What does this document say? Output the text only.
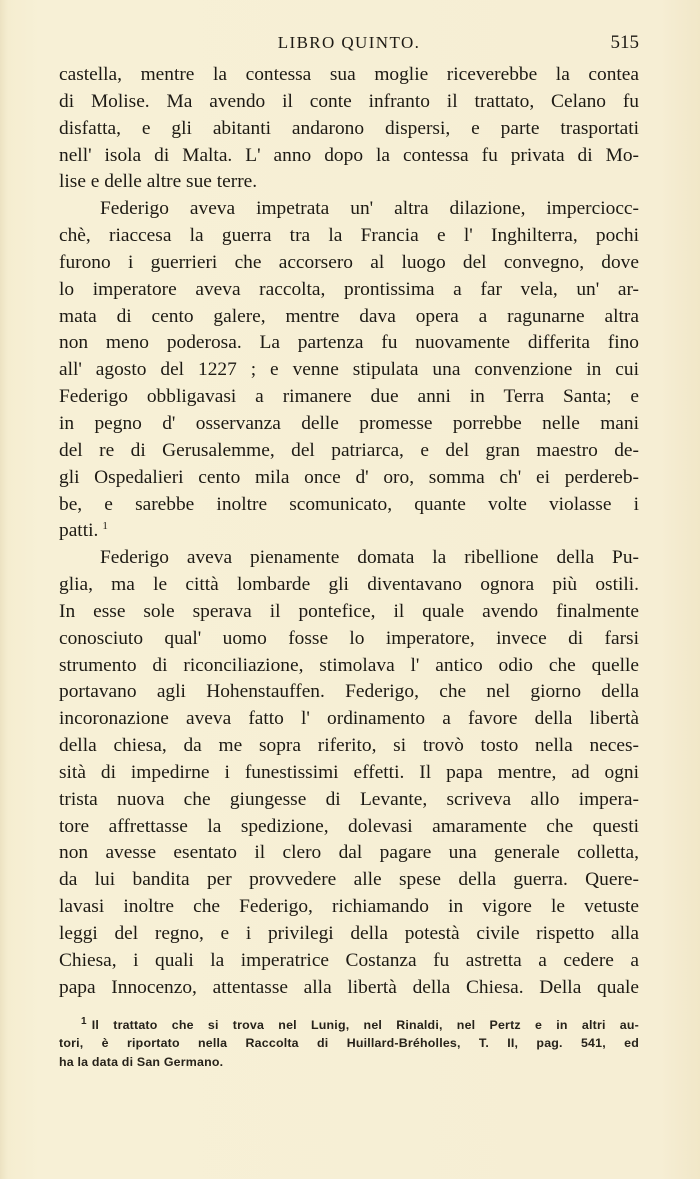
LIBRO QUINTO.	515

castella, mentre la contessa sua moglie riceverebbe la contea

di Molise. Ma avendo il conte infranto il trattato, Celano fu

disfatta, e gli abitanti andarono dispersi, e parte trasportati

nell' isola di Malta. L' anno dopo la contessa fu privata di Mo-

lise e delle altre sue terre.

Federigo aveva impetrata un' altra dilazione, imperciocc-

chè, riaccesa la guerra tra la Francia e l' Inghilterra, pochi

furono i guerrieri che accorsero al luogo del convegno, dove

lo imperatore aveva raccolta, prontissima a far vela, un' ar-

mata di cento galere, mentre dava opera a ragunarne altra

non meno poderosa. La partenza fu nuovamente differita fino

all' agosto del 1227 ; e venne stipulata una convenzione in cui

Federigo obbligavasi a rimanere due anni in Terra Santa; e

in pegno d' osservanza delle promesse porrebbe nelle mani

del re di Gerusalemme, del patriarca, e del gran maestro de-

gli Ospedalieri cento mila once d' oro, somma ch' ei perdereb-

be, e sarebbe inoltre scomunicato, quante volte violasse i

patti. $^1$

Federigo aveva pienamente domata la ribellione della Pu-

glia, ma le città lombarde gli diventavano ognora più ostili.

In esse sole sperava il pontefice, il quale avendo finalmente

conosciuto qual' uomo fosse lo imperatore, invece di farsi

strumento di riconciliazione, stimolava l' antico odio che quelle

portavano agli Hohenstauffen. Federigo, che nel giorno della

incoronazione aveva fatto l' ordinamento a favore della libertà

della chiesa, da me sopra riferito, si trovò tosto nella neces-

sità di impedirne i funestissimi effetti. Il papa mentre, ad ogni

trista nuova che giungesse di Levante, scriveva allo impera-

tore affrettasse la spedizione, dolevasi amaramente che questi

non avesse esentato il clero dal pagare una generale colletta,

da lui bandita per provvedere alle spese della guerra. Quere-

lavasi inoltre che Federigo, richiamando in vigore le vetuste

leggi del regno, e i privilegi della potestà civile rispetto alla

Chiesa, i quali la imperatrice Costanza fu astretta a cedere a

papa Innocenzo, attentasse alla libertà della Chiesa. Della quale

$^1$ Il trattato che si trova nel Lunig, nel Rinaldi, nel Pertz e in altri au-

tori, è riportato nella Raccolta di Huillard-Bréholles, T. II, pag. 541, ed

ha la data di San Germano.
